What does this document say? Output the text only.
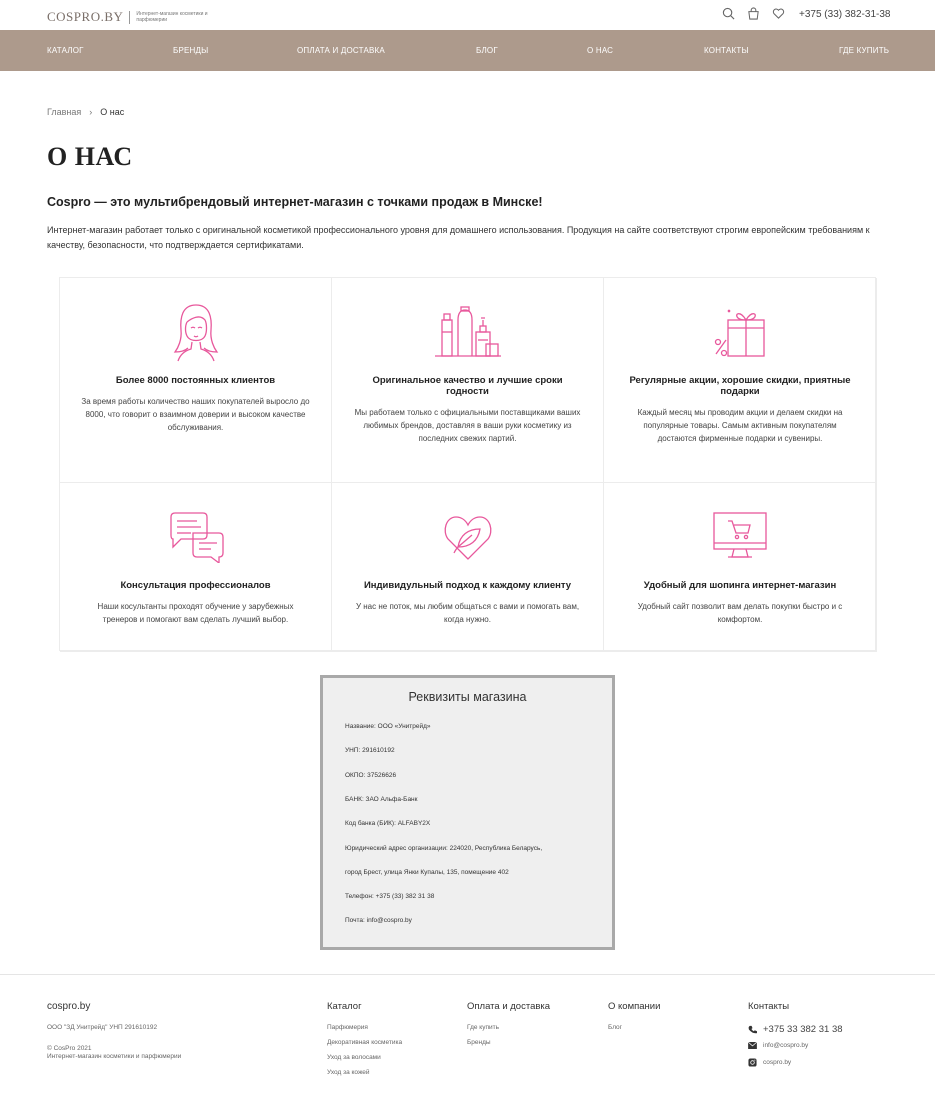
COSPRO.BY	Интернет-магазин косметики и парфюмерии	+375 (33) 382-31-38
КАТАЛОГ	БРЕНДЫ	ОПЛАТА И ДОСТАВКА	БЛОГ	О НАС	КОНТАКТЫ	ГДЕ КУПИТЬ
Главная › О нас
О НАС
Cospro — это мультибрендовый интернет-магазин с точками продаж в Минске!

Интернет-магазин работает только с оригинальной косметикой профессионального уровня для домашнего использования. Продукция на сайте соответствуют строгим европейским требованиям к качеству, безопасности, что подтверждается сертификатами.

Более 8000 постоянных клиентов
За время работы количество наших покупателей выросло до 8000, что говорит о взаимном доверии и высоком качестве обслуживания.
Оригинальное качество и лучшие сроки годности
Мы работаем только с официальными поставщиками ваших любимых брендов, доставляя в ваши руки косметику из последних свежих партий.
Регулярные акции, хорошие скидки, приятные подарки
Каждый месяц мы проводим акции и делаем скидки на популярные товары. Самым активным покупателям достаются фирменные подарки и сувениры.
Консультация профессионалов
Наши косультанты проходят обучение у зарубежных тренеров и помогают вам сделать лучший выбор.
Индивидульный подход к каждому клиенту
У нас не поток, мы любим общаться с вами и помогать вам, когда нужно.
Удобный для шопинга интернет-магазин
Удобный сайт позволит вам делать покупки быстро и с комфортом.
Реквизиты магазина
Название: ООО «Унитрейд»
УНП: 291610192
ОКПО: 37526626
БАНК: ЗАО Альфа-Банк
Код банка (БИК): ALFABY2X
Юридический адрес организации: 224020, Республика Беларусь,
город Брест, улица Янки Купалы, 135, помещение 402
Телефон: +375 (33) 382 31 38
Почта: info@cospro.by
cospro.by
ООО "ЗД Унитрейд" УНП 291610192
© CosPro 2021
Интернет-магазин косметики и парфюмерии
Каталог
Парфюмерия
Декоративная косметика
Уход за волосами
Уход за кожей
Оплата и доставка
Где купить
Бренды
О компании
Блог
Контакты
+375 33 382 31 38
info@cospro.by
cospro.by
